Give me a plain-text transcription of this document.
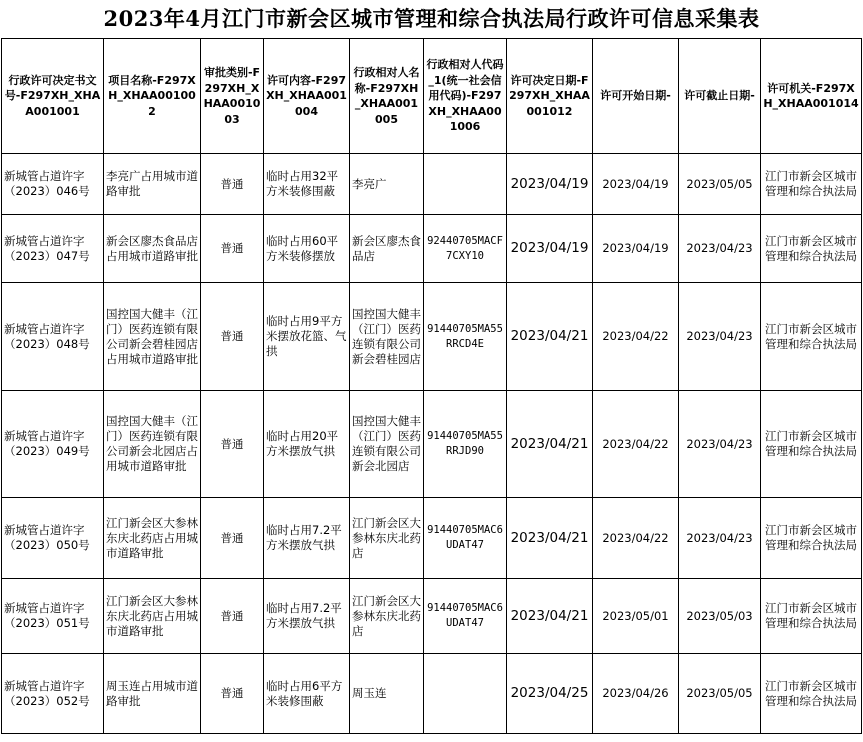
2023年4月江门市新会区城市管理和综合执法局行政许可信息采集表
行政许可决定书文号-F297XH_XHAA001001	项目名称-F297XH_XHAA001002	审批类别-F297XH_XHAA001003	许可内容-F297XH_XHAA001004	行政相对人名称-F297XH_XHAA001005	行政相对人代码_1(统一社会信用代码)-F297XH_XHAA001006	许可决定日期-F297XH_XHAA001012	许可开始日期-	许可截止日期-	许可机关-F297XH_XHAA001014
新城管占道许字（2023）046号	李亮广占用城市道路审批	普通	临时占用32平方米装修围蔽	李亮广		2023/04/19	2023/04/19	2023/05/05	江门市新会区城市管理和综合执法局
新城管占道许字（2023）047号	新会区廖杰食品店占用城市道路审批	普通	临时占用60平方米装修摆放	新会区廖杰食品店	92440705MACF7CXY10	2023/04/19	2023/04/19	2023/04/23	江门市新会区城市管理和综合执法局
新城管占道许字（2023）048号	国控国大健丰（江门）医药连锁有限公司新会碧桂园店占用城市道路审批	普通	临时占用9平方米摆放花篮、气拱	国控国大健丰（江门）医药连锁有限公司新会碧桂园店	91440705MA55RRCD4E	2023/04/21	2023/04/22	2023/04/23	江门市新会区城市管理和综合执法局
新城管占道许字（2023）049号	国控国大健丰（江门）医药连锁有限公司新会北园店占用城市道路审批	普通	临时占用20平方米摆放气拱	国控国大健丰（江门）医药连锁有限公司新会北园店	91440705MA55RRJD90	2023/04/21	2023/04/22	2023/04/23	江门市新会区城市管理和综合执法局
新城管占道许字（2023）050号	江门新会区大参林东庆北药店占用城市道路审批	普通	临时占用7.2平方米摆放气拱	江门新会区大参林东庆北药店	91440705MAC6UDAT47	2023/04/21	2023/04/22	2023/04/23	江门市新会区城市管理和综合执法局
新城管占道许字（2023）051号	江门新会区大参林东庆北药店占用城市道路审批	普通	临时占用7.2平方米摆放气拱	江门新会区大参林东庆北药店	91440705MAC6UDAT47	2023/04/21	2023/05/01	2023/05/03	江门市新会区城市管理和综合执法局
新城管占道许字（2023）052号	周玉连占用城市道路审批	普通	临时占用6平方米装修围蔽	周玉连		2023/04/25	2023/04/26	2023/05/05	江门市新会区城市管理和综合执法局
